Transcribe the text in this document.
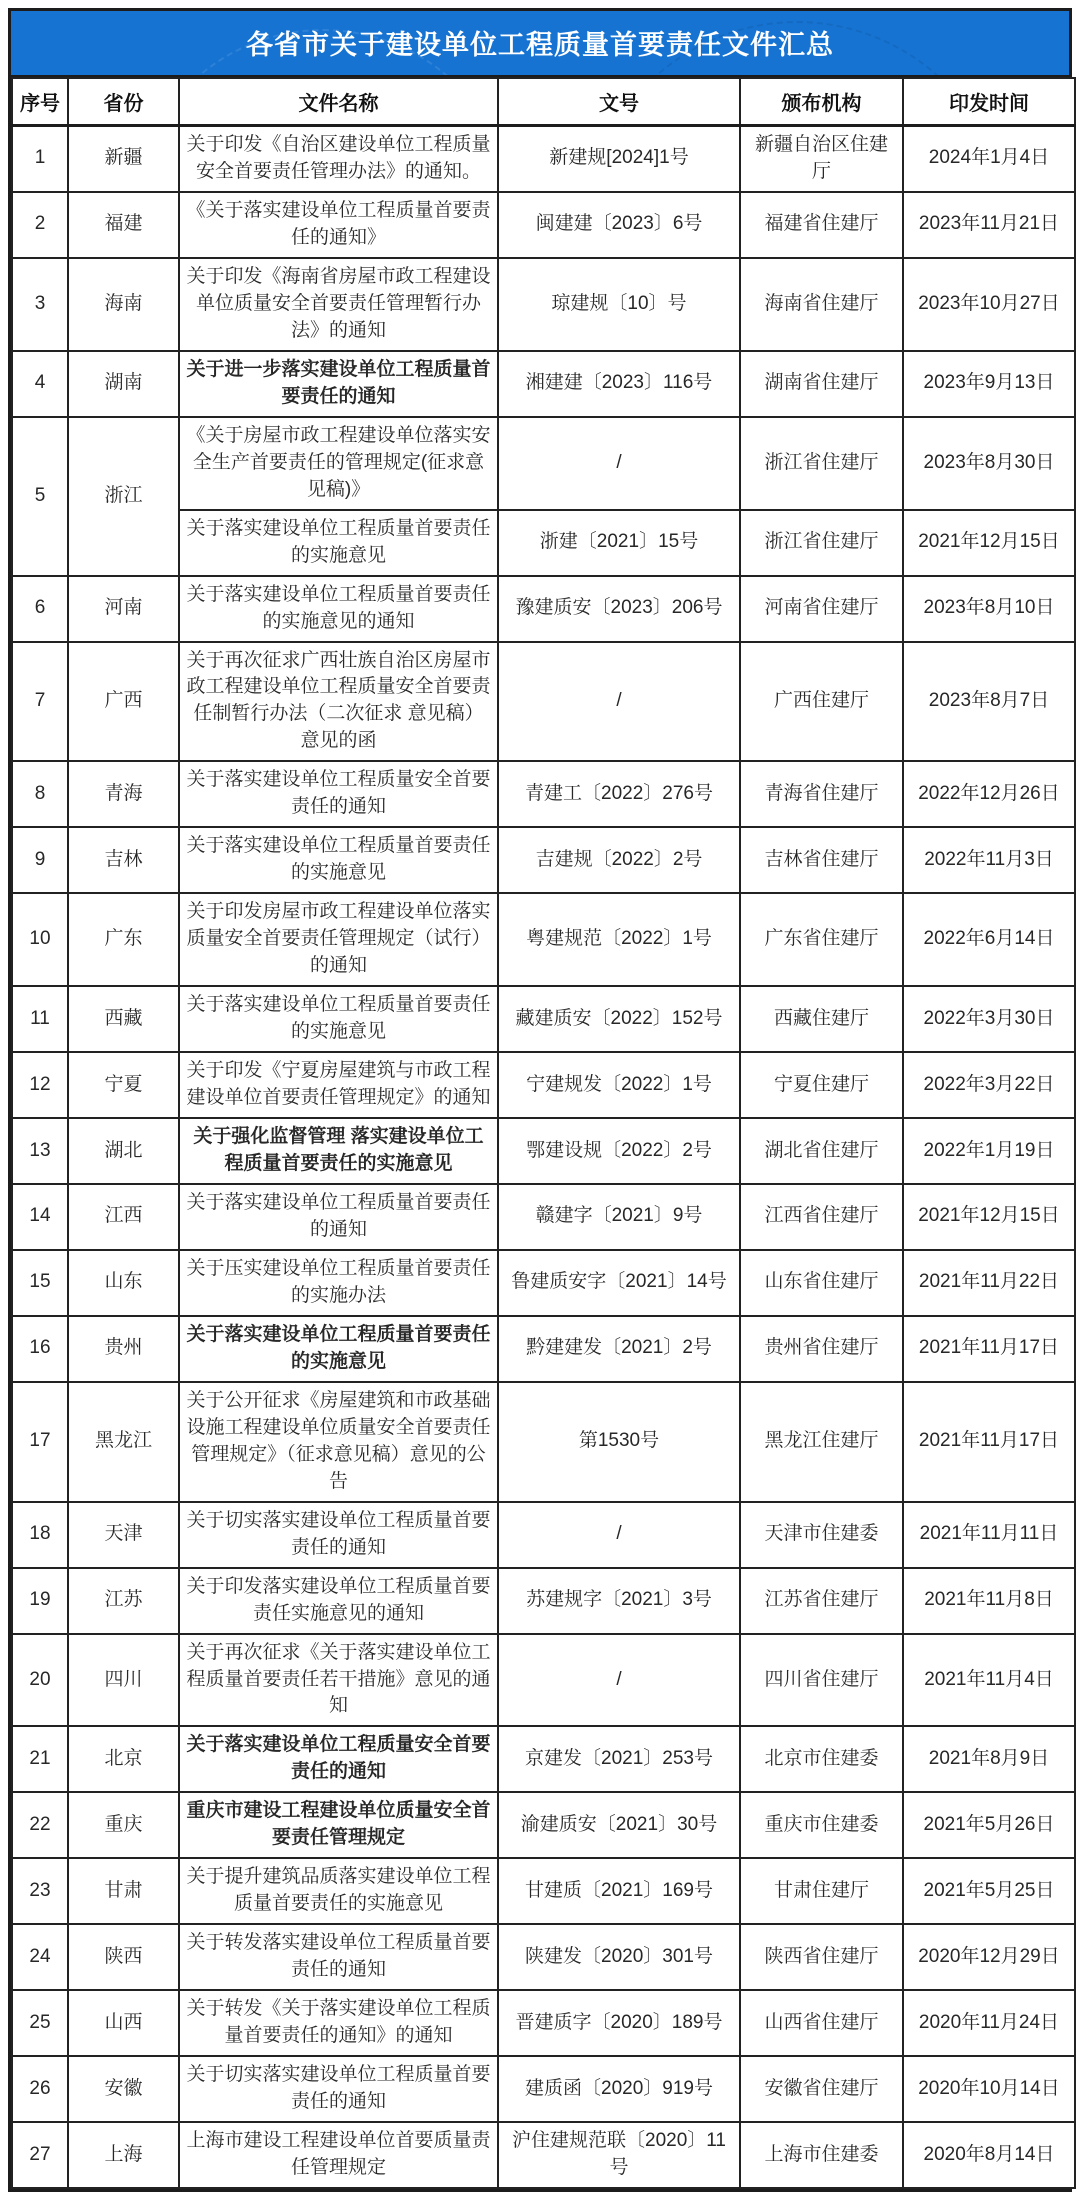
各省市关于建设单位工程质量首要责任文件汇总
序号	省份	文件名称	文号	颁布机构	印发时间
1	新疆	关于印发《自治区建设单位工程质量安全首要责任管理办法》的通知。	新建规[2024]1号	新疆自治区住建厅	2024年1月4日
2	福建	《关于落实建设单位工程质量首要责任的通知》	闽建建〔2023〕6号	福建省住建厅	2023年11月21日
3	海南	关于印发《海南省房屋市政工程建设单位质量安全首要责任管理暂行办法》的通知	琼建规〔10〕号	海南省住建厅	2023年10月27日
4	湖南	关于进一步落实建设单位工程质量首要责任的通知	湘建建〔2023〕116号	湖南省住建厅	2023年9月13日
5	浙江	《关于房屋市政工程建设单位落实安全生产首要责任的管理规定(征求意见稿)》	/	浙江省住建厅	2023年8月30日
		关于落实建设单位工程质量首要责任的实施意见	浙建〔2021〕15号	浙江省住建厅	2021年12月15日
6	河南	关于落实建设单位工程质量首要责任的实施意见的通知	豫建质安〔2023〕206号	河南省住建厅	2023年8月10日
7	广西	关于再次征求广西壮族自治区房屋市政工程建设单位工程质量安全首要责任制暂行办法（二次征求 意见稿）意见的函	/	广西住建厅	2023年8月7日
8	青海	关于落实建设单位工程质量安全首要责任的通知	青建工〔2022〕276号	青海省住建厅	2022年12月26日
9	吉林	关于落实建设单位工程质量首要责任的实施意见	吉建规〔2022〕2号	吉林省住建厅	2022年11月3日
10	广东	关于印发房屋市政工程建设单位落实质量安全首要责任管理规定（试行）的通知	粤建规范〔2022〕1号	广东省住建厅	2022年6月14日
11	西藏	关于落实建设单位工程质量首要责任的实施意见	藏建质安〔2022〕152号	西藏住建厅	2022年3月30日
12	宁夏	关于印发《宁夏房屋建筑与市政工程建设单位首要责任管理规定》的通知	宁建规发〔2022〕1号	宁夏住建厅	2022年3月22日
13	湖北	关于强化监督管理 落实建设单位工程质量首要责任的实施意见	鄂建设规〔2022〕2号	湖北省住建厅	2022年1月19日
14	江西	关于落实建设单位工程质量首要责任的通知	赣建字〔2021〕9号	江西省住建厅	2021年12月15日
15	山东	关于压实建设单位工程质量首要责任的实施办法	鲁建质安字〔2021〕14号	山东省住建厅	2021年11月22日
16	贵州	关于落实建设单位工程质量首要责任的实施意见	黔建建发〔2021〕2号	贵州省住建厅	2021年11月17日
17	黑龙江	关于公开征求《房屋建筑和市政基础设施工程建设单位质量安全首要责任管理规定》（征求意见稿）意见的公告	第1530号	黑龙江住建厅	2021年11月17日
18	天津	关于切实落实建设单位工程质量首要责任的通知	/	天津市住建委	2021年11月11日
19	江苏	关于印发落实建设单位工程质量首要责任实施意见的通知	苏建规字〔2021〕3号	江苏省住建厅	2021年11月8日
20	四川	关于再次征求《关于落实建设单位工程质量首要责任若干措施》意见的通知	/	四川省住建厅	2021年11月4日
21	北京	关于落实建设单位工程质量安全首要责任的通知	京建发〔2021〕253号	北京市住建委	2021年8月9日
22	重庆	重庆市建设工程建设单位质量安全首要责任管理规定	渝建质安〔2021〕30号	重庆市住建委	2021年5月26日
23	甘肃	关于提升建筑品质落实建设单位工程质量首要责任的实施意见	甘建质〔2021〕169号	甘肃住建厅	2021年5月25日
24	陕西	关于转发落实建设单位工程质量首要责任的通知	陕建发〔2020〕301号	陕西省住建厅	2020年12月29日
25	山西	关于转发《关于落实建设单位工程质量首要责任的通知》的通知	晋建质字〔2020〕189号	山西省住建厅	2020年11月24日
26	安徽	关于切实落实建设单位工程质量首要责任的通知	建质函〔2020〕919号	安徽省住建厅	2020年10月14日
27	上海	上海市建设工程建设单位首要质量责任管理规定	沪住建规范联〔2020〕11 号	上海市住建委	2020年8月14日
